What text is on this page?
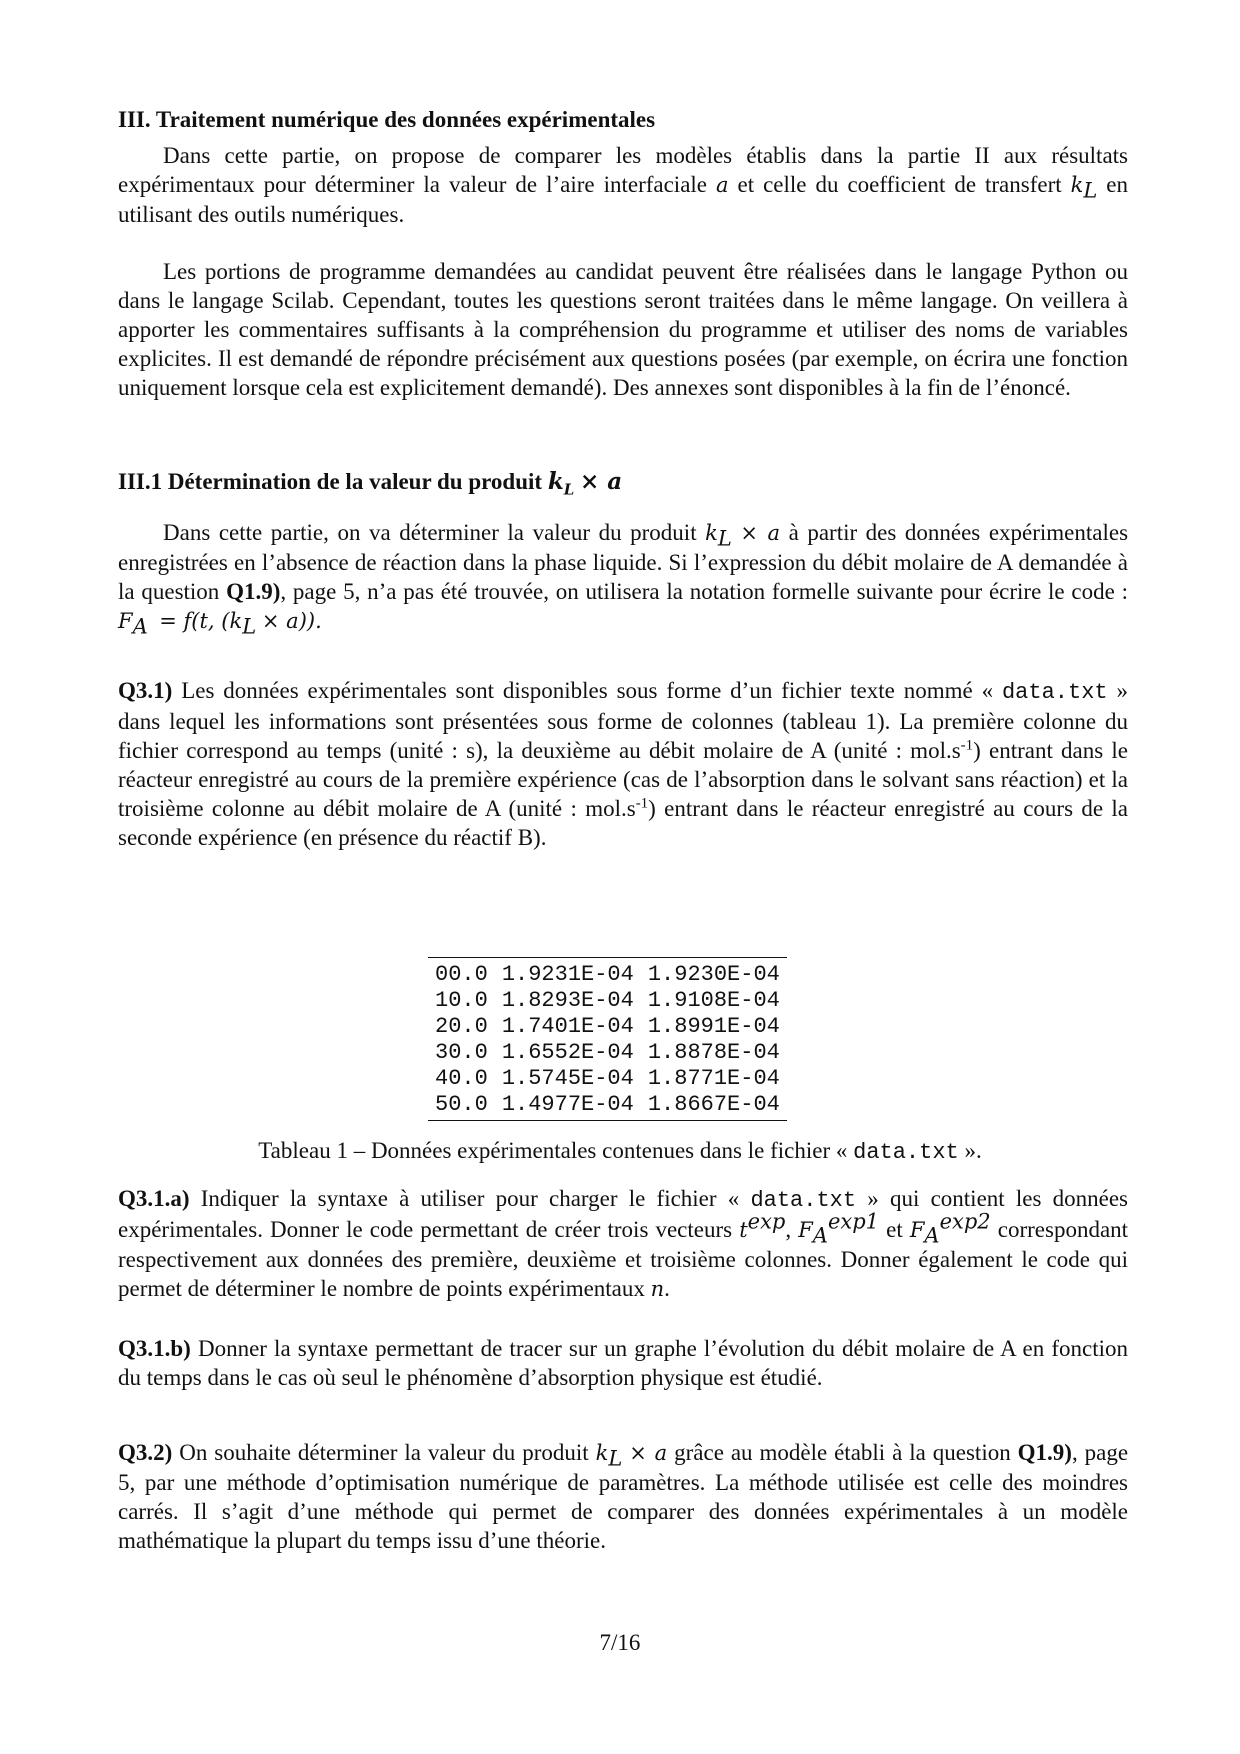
III. Traitement numérique des données expérimentales

Dans cette partie, on propose de comparer les modèles établis dans la partie II aux résultats expérimentaux pour déterminer la valeur de l’aire interfaciale a et celle du coefficient de transfert $k_L$ en utilisant des outils numériques.

Les portions de programme demandées au candidat peuvent être réalisées dans le langage Python ou dans le langage Scilab. Cependant, toutes les questions seront traitées dans le même langage. On veillera à apporter les commentaires suffisants à la compréhension du programme et utiliser des noms de variables explicites. Il est demandé de répondre précisément aux questions posées (par exemple, on écrira une fonction uniquement lorsque cela est explicitement demandé). Des annexes sont disponibles à la fin de l’énoncé.

III.1 Détermination de la valeur du produit $k_L \times a$

Dans cette partie, on va déterminer la valeur du produit $k_L \times a$ à partir des données expérimentales enregistrées en l’absence de réaction dans la phase liquide. Si l’expression du débit molaire de A demandée à la question Q1.9), page 5, n’a pas été trouvée, on utilisera la notation formelle suivante pour écrire le code : $F_A = f(t$, $(k_L \times a)$).

Q3.1) Les données expérimentales sont disponibles sous forme d’un fichier texte nommé « data.txt » dans lequel les informations sont présentées sous forme de colonnes (tableau 1). La première colonne du fichier correspond au temps (unité : s), la deuxième au débit molaire de A (unité : $mol.s^{-1}$) entrant dans le réacteur enregistré au cours de la première expérience (cas de l’absorption dans le solvant sans réaction) et la troisième colonne au débit molaire de A (unité : $mol.s^{-1}$) entrant dans le réacteur enregistré au cours de la seconde expérience (en présence du réactif B).

00.0	1.9231E-04	1.9230E-04
10.0	1.8293E-04	1.9108E-04
20.0	1.7401E-04	1.8991E-04
30.0	1.6552E-04	1.8878E-04
40.0	1.5745E-04	1.8771E-04
50.0	1.4977E-04	1.8667E-04
Tableau 1 – Données expérimentales contenues dans le fichier « data.txt ».

Q3.1.a) Indiquer la syntaxe à utiliser pour charger le fichier « data.txt » qui contient les données expérimentales. Donner le code permettant de créer trois vecteurs $t^{exp}$, $F_A^{exp1}$ et $F_A^{exp2}$ correspondant respectivement aux données des première, deuxième et troisième colonnes. Donner également le code qui permet de déterminer le nombre de points expérimentaux n.

Q3.1.b) Donner la syntaxe permettant de tracer sur un graphe l’évolution du débit molaire de A en fonction du temps dans le cas où seul le phénomène d’absorption physique est étudié.

Q3.2) On souhaite déterminer la valeur du produit $k_L \times a$ grâce au modèle établi à la question Q1.9), page 5, par une méthode d’optimisation numérique de paramètres. La méthode utilisée est celle des moindres carrés. Il s’agit d’une méthode qui permet de comparer des données expérimentales à un modèle mathématique la plupart du temps issu d’une théorie.

7/16
